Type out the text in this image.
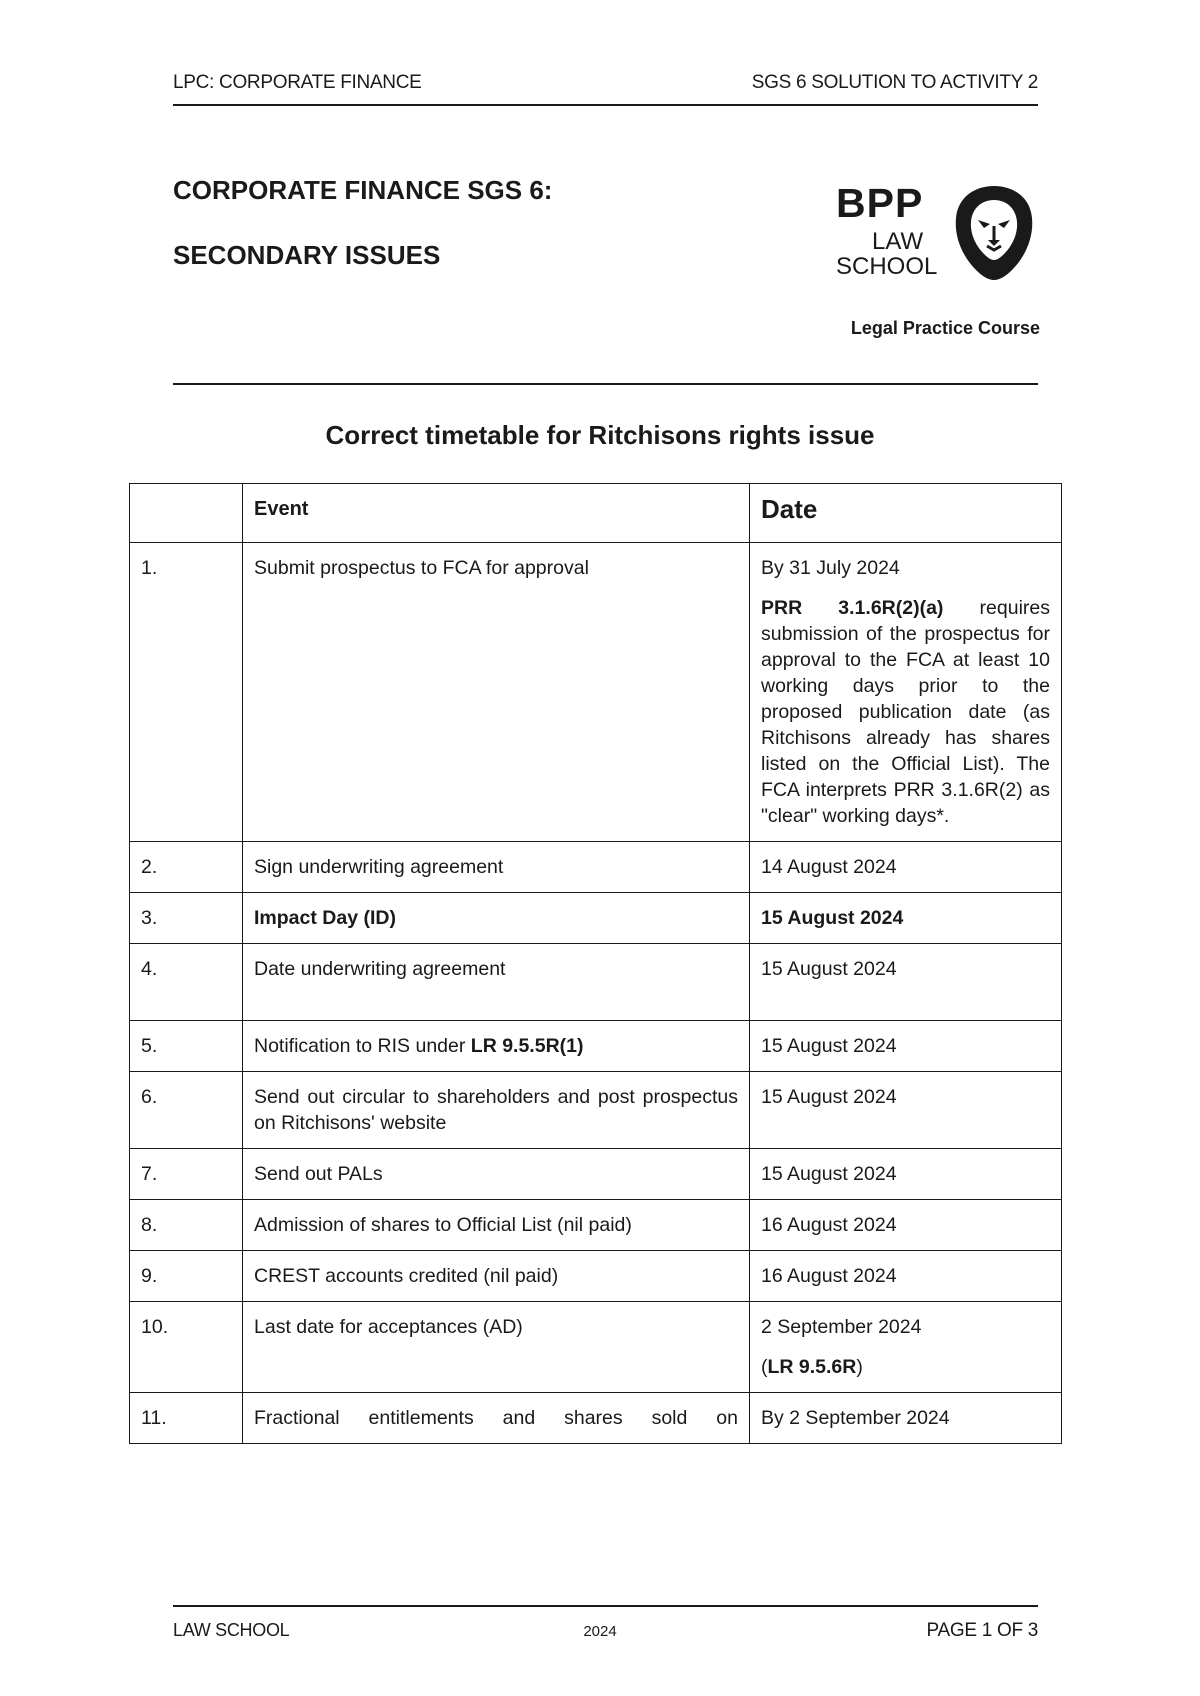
LPC: CORPORATE FINANCE	SGS 6 SOLUTION TO ACTIVITY 2
CORPORATE FINANCE SGS 6:
SECONDARY ISSUES
BPP
LAW
SCHOOL
Legal Practice Course
Correct timetable for Ritchisons rights issue
	Event	Date
1.	Submit prospectus to FCA for approval	By 31 July 2024
PRR 3.1.6R(2)(a) requires submission of the prospectus for approval to the FCA at least 10 working days prior to the proposed publication date (as Ritchisons already has shares listed on the Official List). The FCA interprets PRR 3.1.6R(2) as "clear" working days*.

2.	Sign underwriting agreement	14 August 2024
3.	Impact Day (ID)	15 August 2024
4.	Date underwriting agreement	15 August 2024
5.	Notification to RIS under LR 9.5.5R(1)	15 August 2024
6.	Send out circular to shareholders and post prospectus on Ritchisons' website	15 August 2024
7.	Send out PALs	15 August 2024
8.	Admission of shares to Official List (nil paid)	16 August 2024
9.	CREST accounts credited (nil paid)	16 August 2024
10.	Last date for acceptances (AD)	2 September 2024
(LR 9.5.6R)

11.	Fractional entitlements and shares sold on	By 2 September 2024
LAW SCHOOL	2024	PAGE 1 OF 3
